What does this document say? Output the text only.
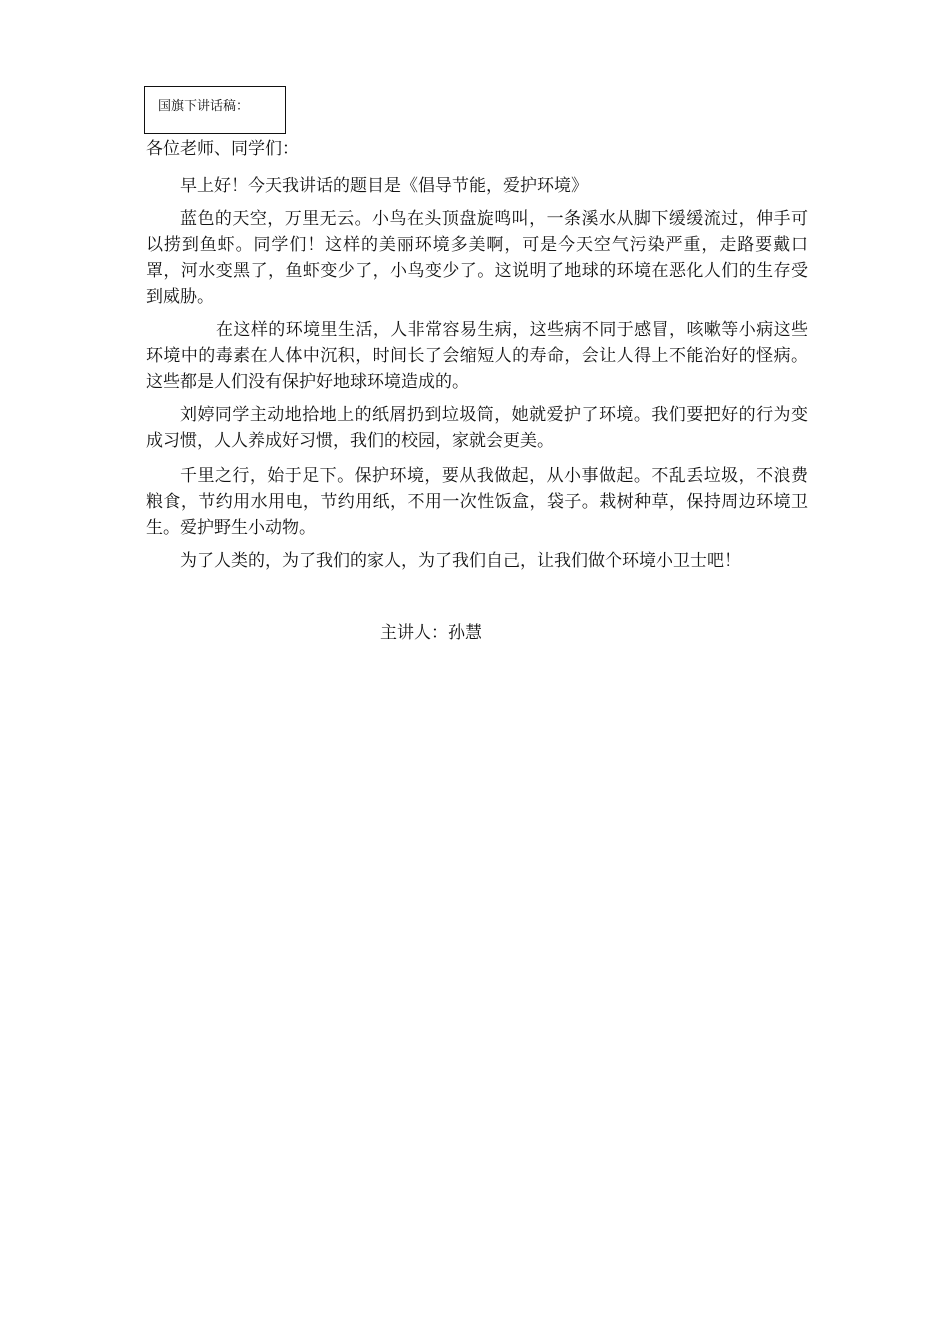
国旗下讲话稿：
各位老师、同学们：

早上好！今天我讲话的题目是《倡导节能，爱护环境》

蓝色的天空，万里无云。小鸟在头顶盘旋鸣叫，一条溪水从脚下缓缓流过，伸手可以捞到鱼虾。同学们！这样的美丽环境多美啊，可是今天空气污染严重，走路要戴口罩，河水变黑了，鱼虾变少了，小鸟变少了。这说明了地球的环境在恶化人们的生存受到威胁。

在这样的环境里生活，人非常容易生病，这些病不同于感冒，咳嗽等小病这些环境中的毒素在人体中沉积，时间长了会缩短人的寿命，会让人得上不能治好的怪病。这些都是人们没有保护好地球环境造成的。

刘婷同学主动地拾地上的纸屑扔到垃圾筒，她就爱护了环境。我们要把好的行为变成习惯，人人养成好习惯，我们的校园，家就会更美。

千里之行，始于足下。保护环境，要从我做起，从小事做起。不乱丢垃圾，不浪费粮食，节约用水用电，节约用纸，不用一次性饭盒，袋子。栽树种草，保持周边环境卫生。爱护野生小动物。

为了人类的，为了我们的家人，为了我们自己，让我们做个环境小卫士吧！

主讲人：孙慧
